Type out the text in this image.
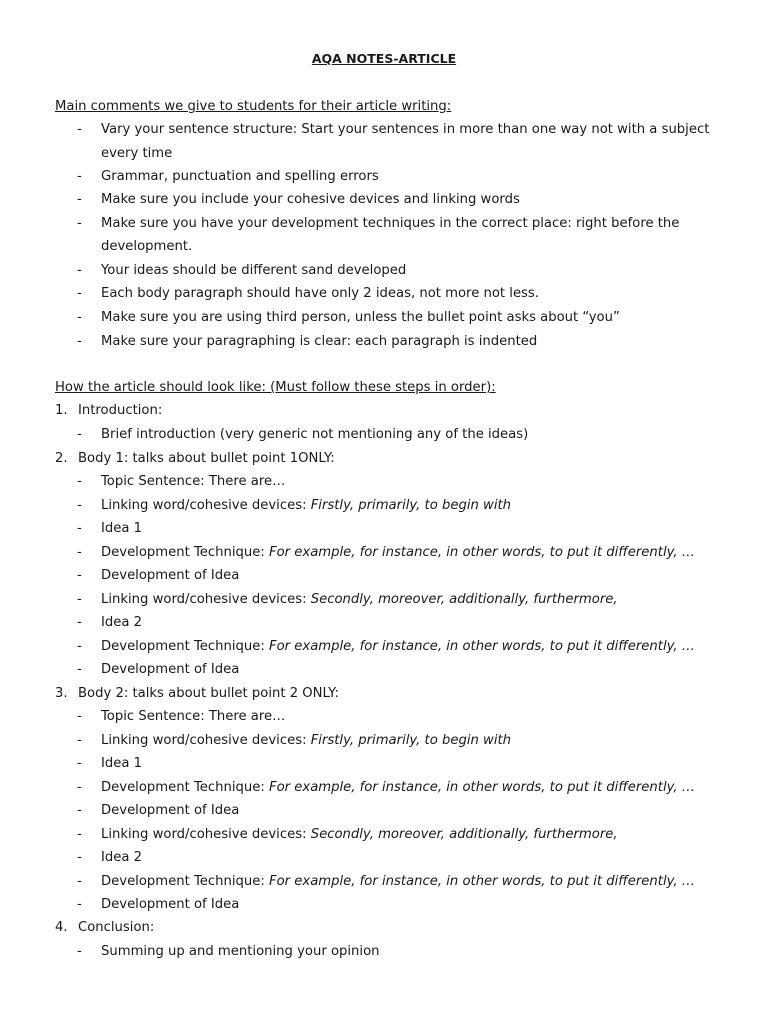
AQA NOTES-ARTICLE
Main comments we give to students for their article writing:
- Vary your sentence structure: Start your sentences in more than one way not with a subject
every time
- Grammar, punctuation and spelling errors
- Make sure you include your cohesive devices and linking words
- Make sure you have your development techniques in the correct place: right before the
development.
- Your ideas should be different sand developed
- Each body paragraph should have only 2 ideas, not more not less.
- Make sure you are using third person, unless the bullet point asks about “you”
- Make sure your paragraphing is clear: each paragraph is indented
How the article should look like: (Must follow these steps in order):
1. Introduction:
- Brief introduction (very generic not mentioning any of the ideas)
2. Body 1: talks about bullet point 1ONLY:
- Topic Sentence: There are…
- Linking word/cohesive devices: Firstly, primarily, to begin with
- Idea 1
- Development Technique: For example, for instance, in other words, to put it differently, …
- Development of Idea
- Linking word/cohesive devices: Secondly, moreover, additionally, furthermore,
- Idea 2
- Development Technique: For example, for instance, in other words, to put it differently, …
- Development of Idea
3. Body 2: talks about bullet point 2 ONLY:
- Topic Sentence: There are…
- Linking word/cohesive devices: Firstly, primarily, to begin with
- Idea 1
- Development Technique: For example, for instance, in other words, to put it differently, …
- Development of Idea
- Linking word/cohesive devices: Secondly, moreover, additionally, furthermore,
- Idea 2
- Development Technique: For example, for instance, in other words, to put it differently, …
- Development of Idea
4. Conclusion:
- Summing up and mentioning your opinion
